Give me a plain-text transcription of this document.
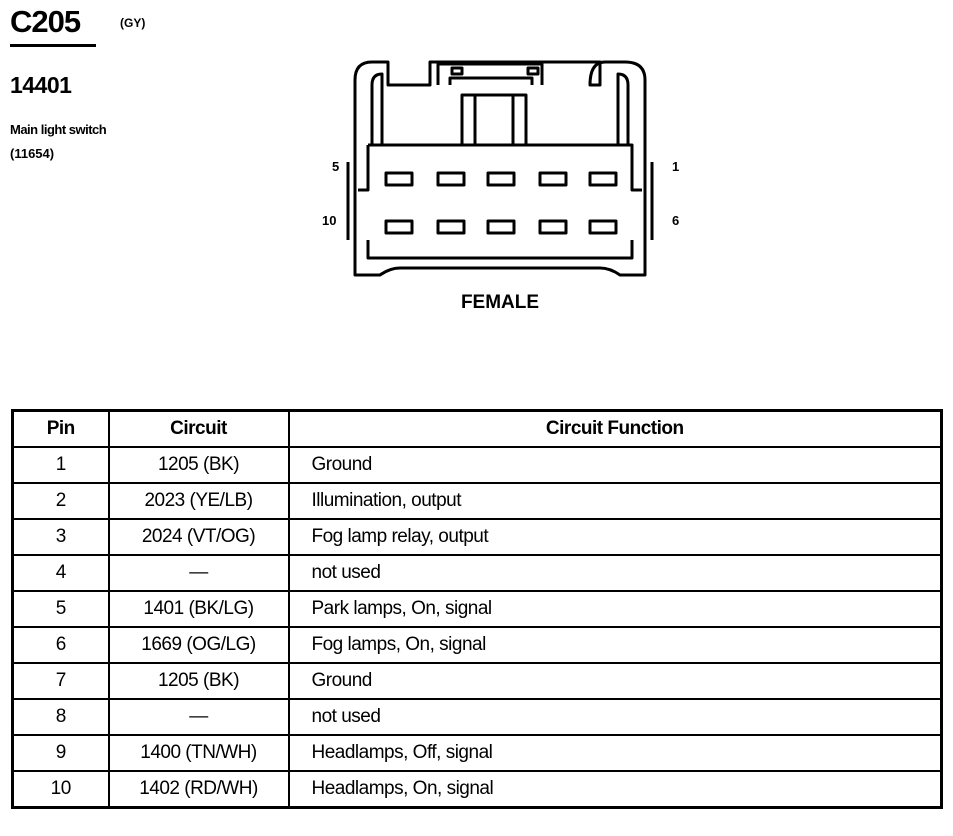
C205	(GY)
14401
Main light switch
(11654)
5	1
10	6
FEMALE
Pin	Circuit	Circuit Function
1	1205 (BK)	Ground
2	2023 (YE/LB)	Illumination, output
3	2024 (VT/OG)	Fog lamp relay, output
4	—	not used
5	1401 (BK/LG)	Park lamps, On, signal
6	1669 (OG/LG)	Fog lamps, On, signal
7	1205 (BK)	Ground
8	—	not used
9	1400 (TN/WH)	Headlamps, Off, signal
10	1402 (RD/WH)	Headlamps, On, signal
